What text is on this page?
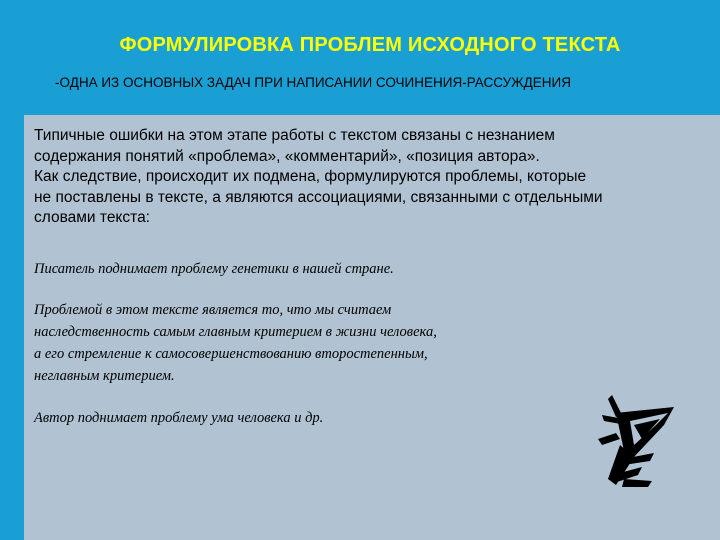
ФОРМУЛИРОВКА ПРОБЛЕМ ИСХОДНОГО ТЕКСТА

-ОДНА ИЗ ОСНОВНЫХ ЗАДАЧ ПРИ НАПИСАНИИ СОЧИНЕНИЯ-РАССУЖДЕНИЯ

Типичные ошибки на этом этапе работы с текстом связаны с незнанием
содержания понятий «проблема», «комментарий», «позиция автора».
Как следствие, происходит их подмена, формулируются проблемы, которые
не поставлены в тексте, а являются ассоциациями, связанными с отдельными
словами текста:

Писатель поднимает проблему генетики в нашей стране.

Проблемой в этом тексте является то, что мы считаем
наследственность самым главным критерием в жизни человека,
а его стремление к самосовершенствованию второстепенным,
неглавным критерием.

Автор поднимает проблему ума человека и др.
